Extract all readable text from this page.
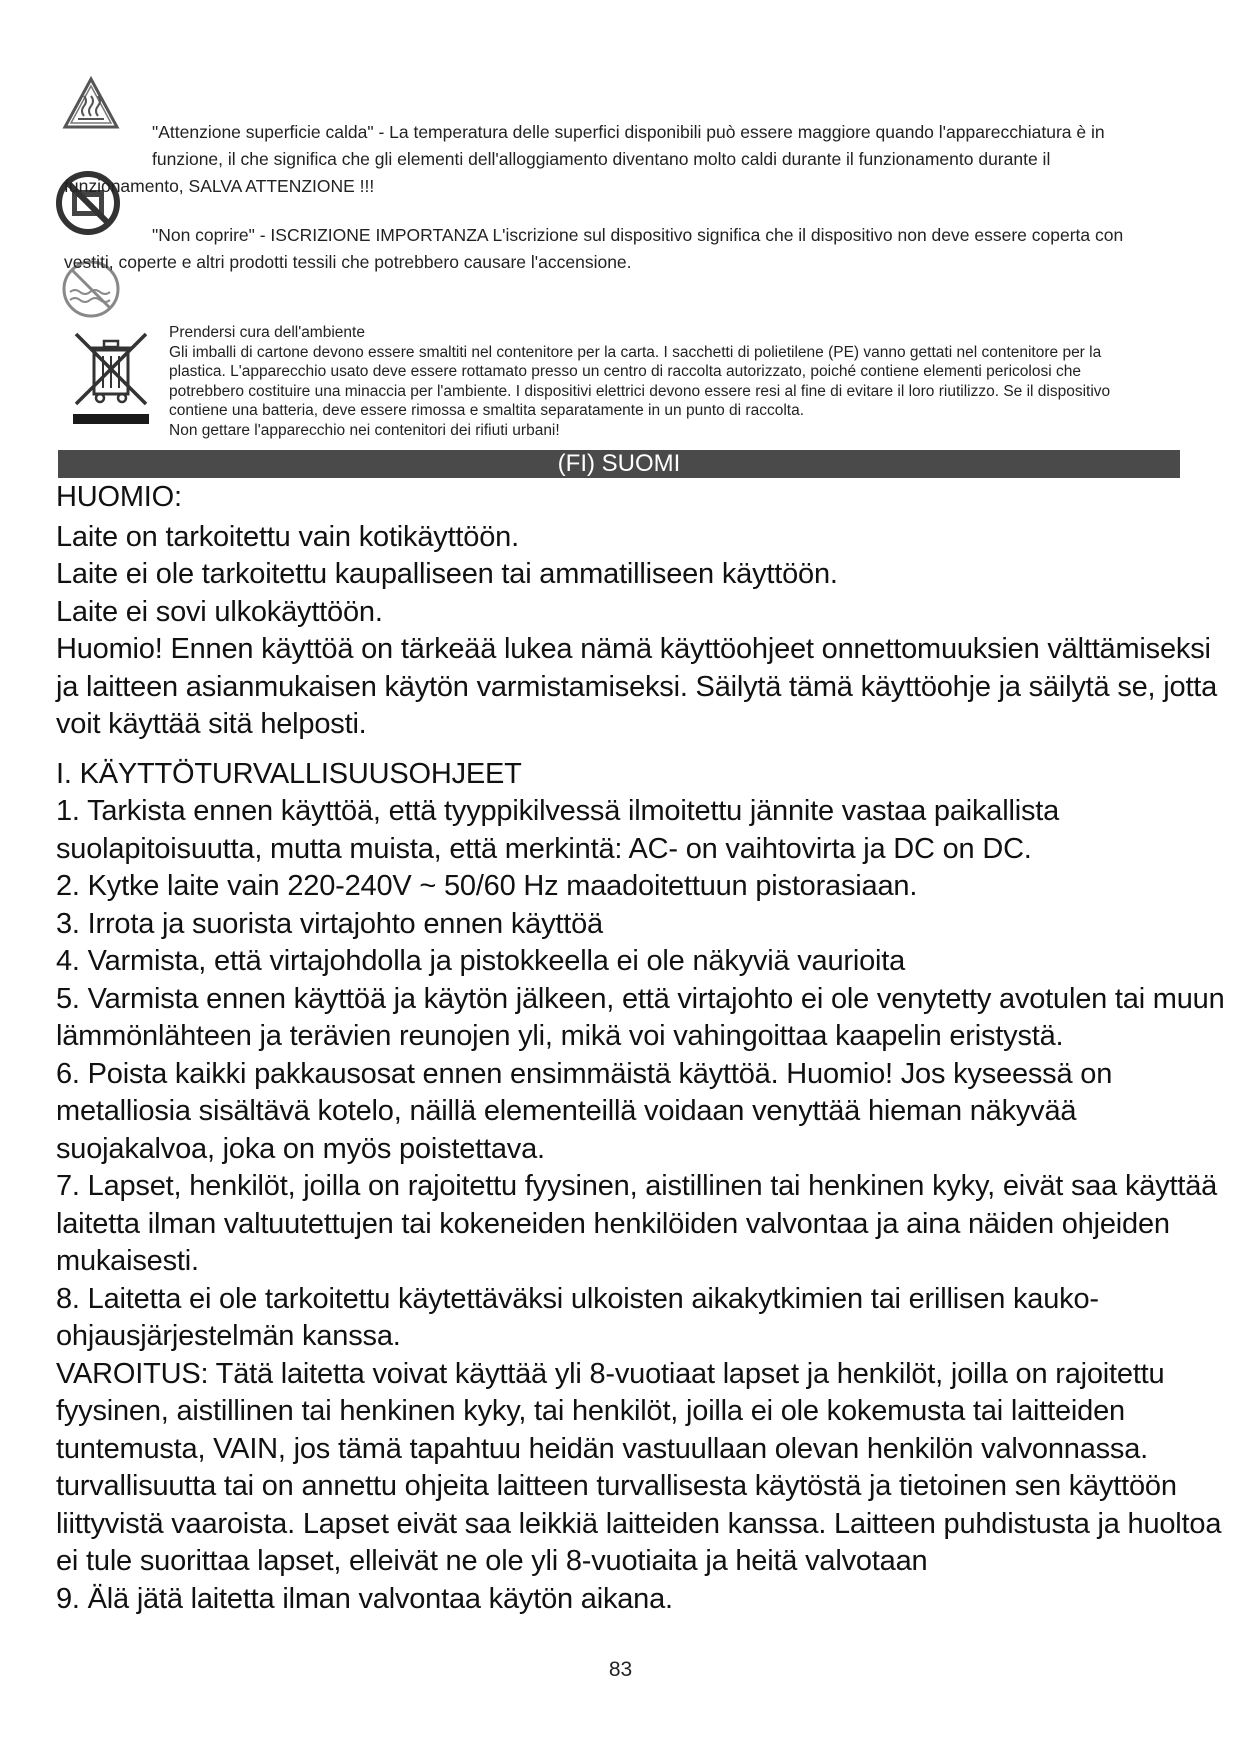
"Attenzione superficie calda" - La temperatura delle superfici disponibili può essere maggiore quando l'apparecchiatura è in
funzione, il che significa che gli elementi dell'alloggiamento diventano molto caldi durante il funzionamento durante il
funzionamento, SALVA ATTENZIONE !!!
"Non coprire" - ISCRIZIONE IMPORTANZA L'iscrizione sul dispositivo significa che il dispositivo non deve essere coperta con
vestiti, coperte e altri prodotti tessili che potrebbero causare l'accensione.
Prendersi cura dell'ambiente
Gli imballi di cartone devono essere smaltiti nel contenitore per la carta. I sacchetti di polietilene (PE) vanno gettati nel contenitore per la
plastica. L'apparecchio usato deve essere rottamato presso un centro di raccolta autorizzato, poiché contiene elementi pericolosi che
potrebbero costituire una minaccia per l'ambiente. I dispositivi elettrici devono essere resi al fine di evitare il loro riutilizzo. Se il dispositivo
contiene una batteria, deve essere rimossa e smaltita separatamente in un punto di raccolta.
Non gettare l'apparecchio nei contenitori dei rifiuti urbani!
(FI) SUOMI
HUOMIO:
Laite on tarkoitettu vain kotikäyttöön.
Laite ei ole tarkoitettu kaupalliseen tai ammatilliseen käyttöön.
Laite ei sovi ulkokäyttöön.
Huomio! Ennen käyttöä on tärkeää lukea nämä käyttöohjeet onnettomuuksien välttämiseksi
ja laitteen asianmukaisen käytön varmistamiseksi. Säilytä tämä käyttöohje ja säilytä se, jotta
voit käyttää sitä helposti.
I. KÄYTTÖTURVALLISUUSOHJEET
1. Tarkista ennen käyttöä, että tyyppikilvessä ilmoitettu jännite vastaa paikallista
suolapitoisuutta, mutta muista, että merkintä: AC- on vaihtovirta ja DC on DC.
2. Kytke laite vain 220-240V ~ 50/60 Hz maadoitettuun pistorasiaan.
3. Irrota ja suorista virtajohto ennen käyttöä
4. Varmista, että virtajohdolla ja pistokkeella ei ole näkyviä vaurioita
5. Varmista ennen käyttöä ja käytön jälkeen, että virtajohto ei ole venytetty avotulen tai muun
lämmönlähteen ja terävien reunojen yli, mikä voi vahingoittaa kaapelin eristystä.
6. Poista kaikki pakkausosat ennen ensimmäistä käyttöä. Huomio! Jos kyseessä on
metalliosia sisältävä kotelo, näillä elementeillä voidaan venyttää hieman näkyvää
suojakalvoa, joka on myös poistettava.
7. Lapset, henkilöt, joilla on rajoitettu fyysinen, aistillinen tai henkinen kyky, eivät saa käyttää
laitetta ilman valtuutettujen tai kokeneiden henkilöiden valvontaa ja aina näiden ohjeiden
mukaisesti.
8. Laitetta ei ole tarkoitettu käytettäväksi ulkoisten aikakytkimien tai erillisen kauko-
ohjausjärjestelmän kanssa.
VAROITUS: Tätä laitetta voivat käyttää yli 8-vuotiaat lapset ja henkilöt, joilla on rajoitettu
fyysinen, aistillinen tai henkinen kyky, tai henkilöt, joilla ei ole kokemusta tai laitteiden
tuntemusta, VAIN, jos tämä tapahtuu heidän vastuullaan olevan henkilön valvonnassa.
turvallisuutta tai on annettu ohjeita laitteen turvallisesta käytöstä ja tietoinen sen käyttöön
liittyvistä vaaroista. Lapset eivät saa leikkiä laitteiden kanssa. Laitteen puhdistusta ja huoltoa
ei tule suorittaa lapset, elleivät ne ole yli 8-vuotiaita ja heitä valvotaan
9. Älä jätä laitetta ilman valvontaa käytön aikana.
83
